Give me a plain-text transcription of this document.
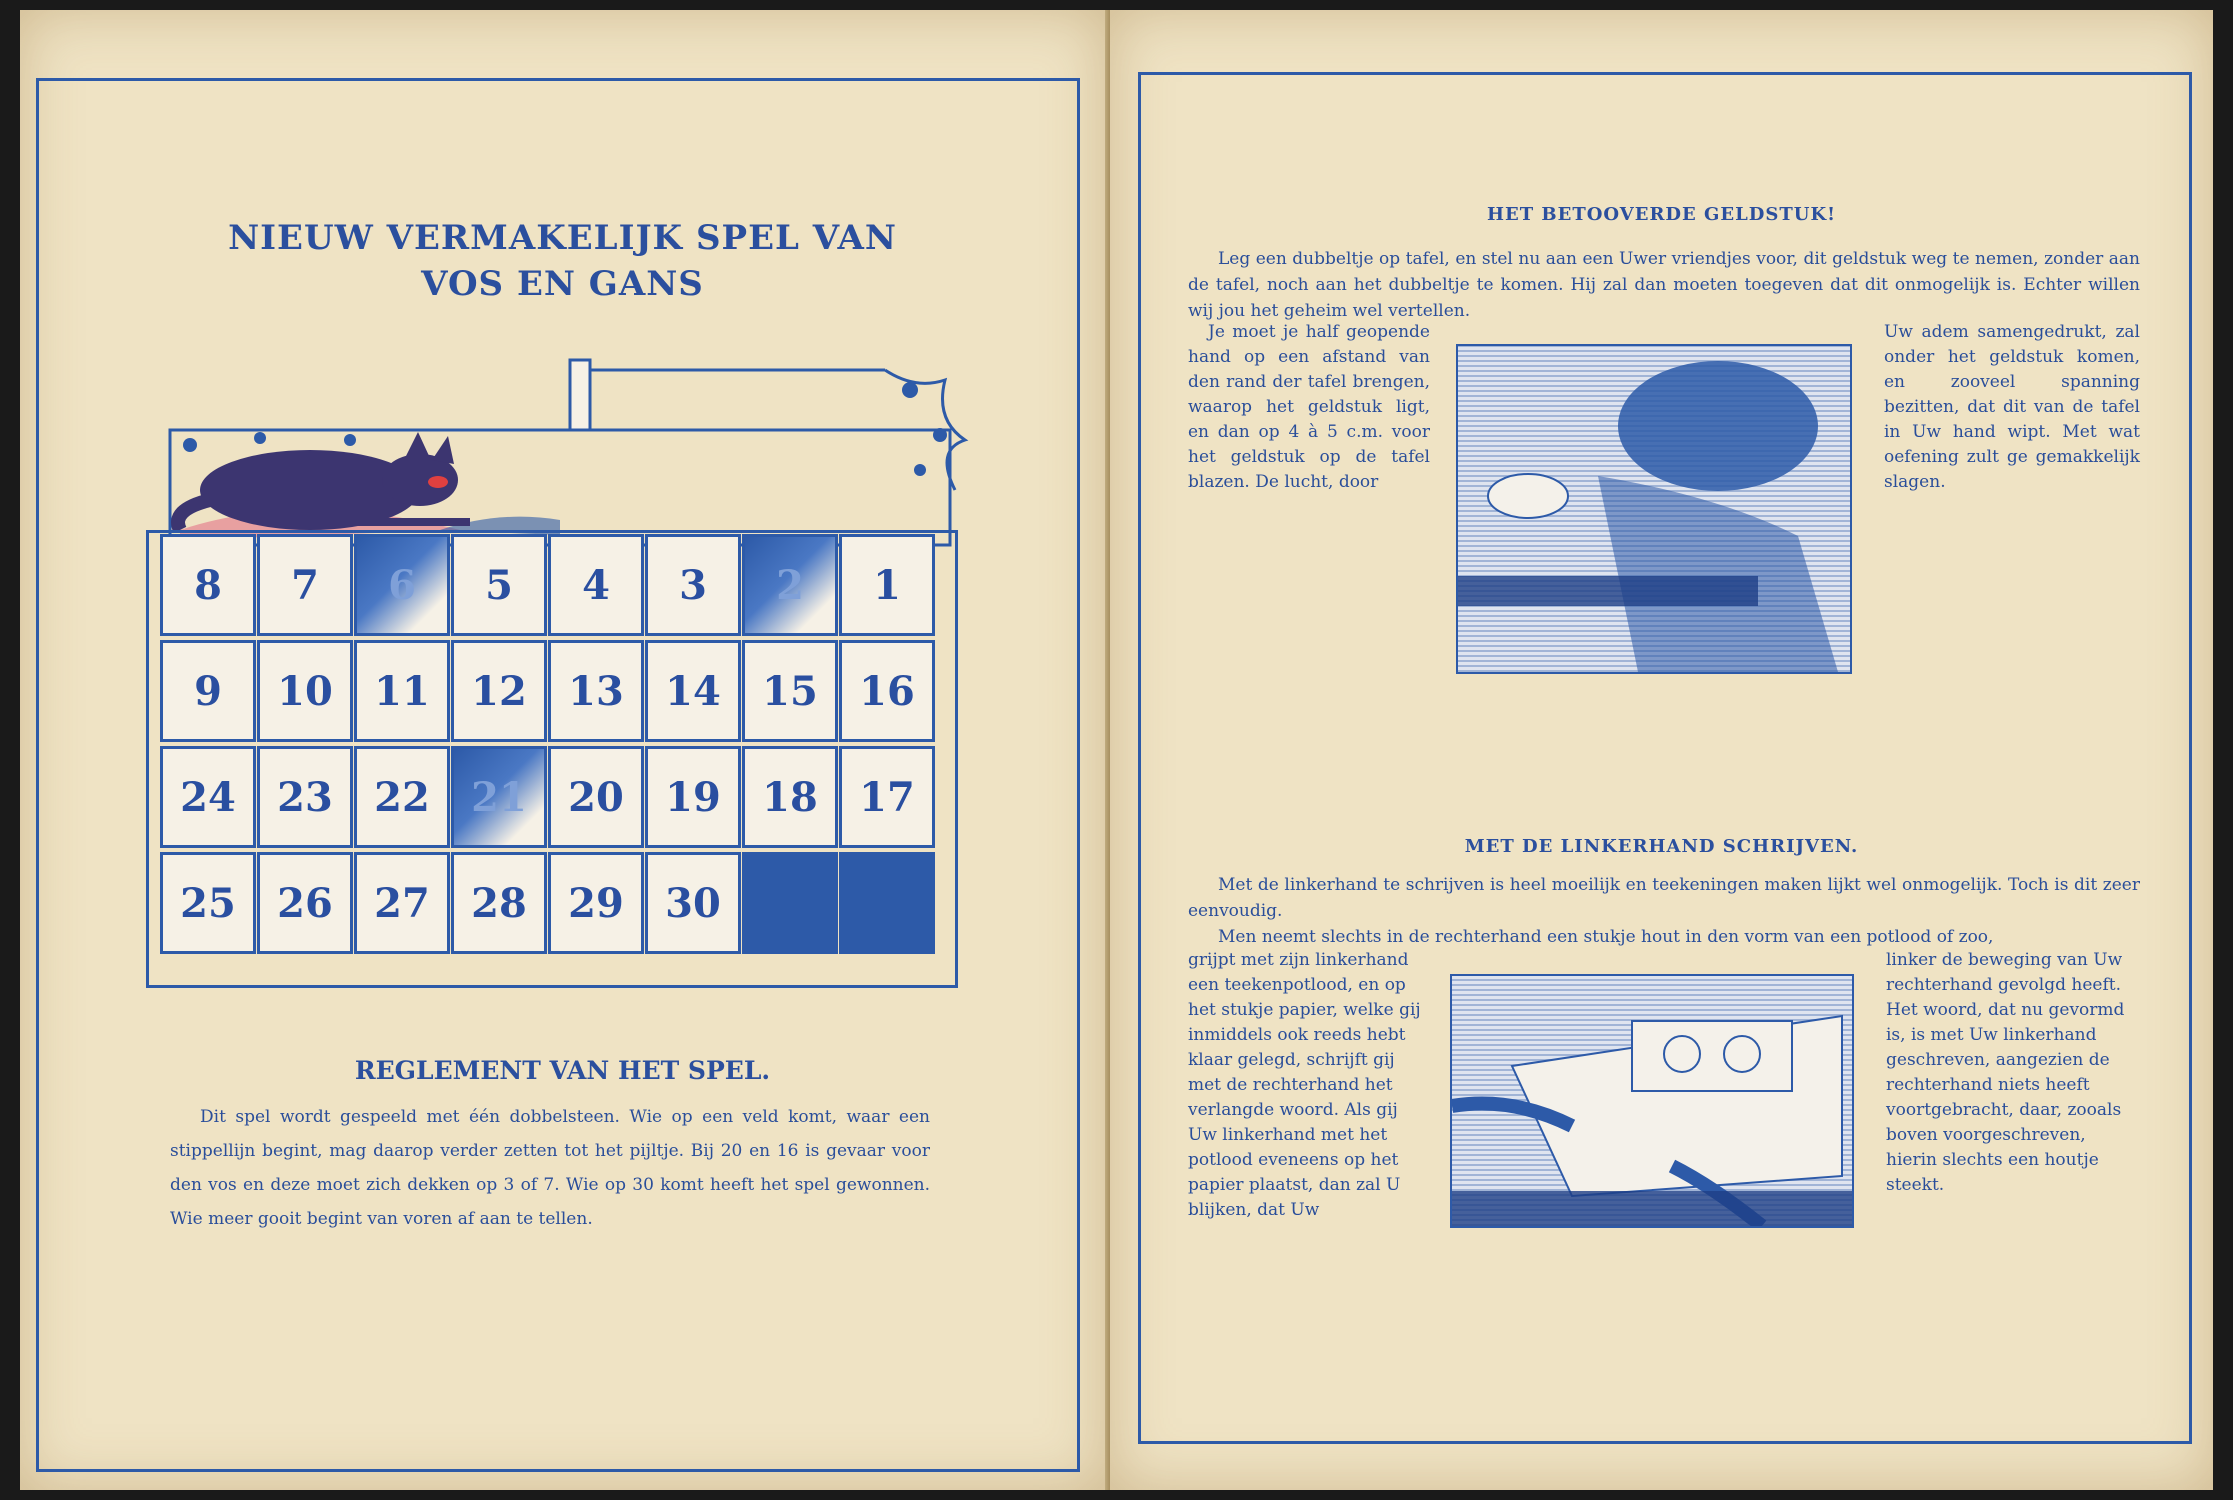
NIEUW VERMAKELIJK SPEL VAN
VOS EN GANS
8	7	6	5	4	3	2	1
9	10	11	12	13	14	15	16
24	23	22	21	20	19	18	17
25	26	27	28	29	30
REGLEMENT VAN HET SPEL.

Dit spel wordt gespeeld met één dobbelsteen. Wie op een veld komt, waar een stippellijn begint, mag daarop verder zetten tot het pijltje. Bij 20 en 16 is gevaar voor den vos en deze moet zich dekken op 3 of 7. Wie op 30 komt heeft het spel gewonnen. Wie meer gooit begint van voren af aan te tellen.

HET BETOOVERDE GELDSTUK!

Leg een dubbeltje op tafel, en stel nu aan een Uwer vriendjes voor, dit geldstuk weg te nemen, zonder aan de tafel, noch aan het dubbeltje te komen. Hij zal dan moeten toegeven dat dit onmogelijk is. Echter willen wij jou het geheim wel vertellen.

Je moet je half geopende hand op een afstand van den rand der tafel brengen, waarop het geldstuk ligt, en dan op 4 à 5 c.m. voor het geldstuk op de tafel blazen. De lucht, door
Uw adem samengedrukt, zal onder het geldstuk komen, en zooveel spanning bezitten, dat dit van de tafel in Uw hand wipt. Met wat oefening zult ge gemakkelijk slagen.
MET DE LINKERHAND SCHRIJVEN.

Met de linkerhand te schrijven is heel moeilijk en teekeningen maken lijkt wel onmogelijk. Toch is dit zeer eenvoudig.

Men neemt slechts in de rechterhand een stukje hout in den vorm van een potlood of zoo,

grijpt met zijn linkerhand een teekenpotlood, en op het stukje papier, welke gij inmiddels ook reeds hebt klaar gelegd, schrijft gij met de rechterhand het verlangde woord. Als gij Uw linkerhand met het potlood eveneens op het papier plaatst, dan zal U blijken, dat Uw
linker de beweging van Uw rechterhand gevolgd heeft. Het woord, dat nu gevormd is, is met Uw linkerhand geschreven, aangezien de rechterhand niets heeft voortgebracht, daar, zooals boven voorgeschreven, hierin slechts een houtje steekt.
